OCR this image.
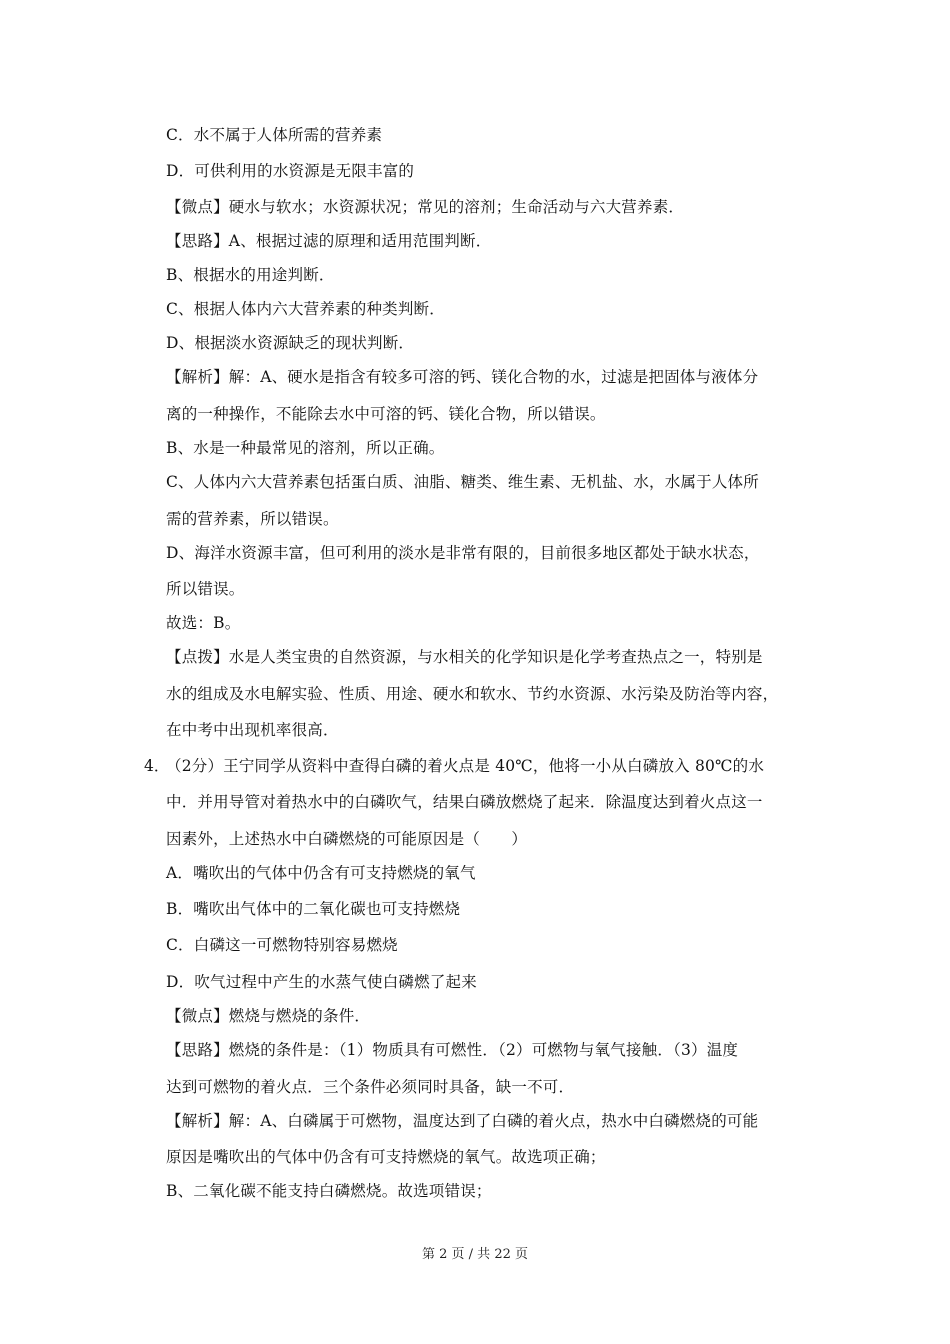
C．水不属于人体所需的营养素
D．可供利用的水资源是无限丰富的
【微点】硬水与软水；水资源状况；常见的溶剂；生命活动与六大营养素．
【思路】A、根据过滤的原理和适用范围判断．
B、根据水的用途判断．
C、根据人体内六大营养素的种类判断．
D、根据淡水资源缺乏的现状判断．
【解析】解：A、硬水是指含有较多可溶的钙、镁化合物的水，过滤是把固体与液体分
离的一种操作，不能除去水中可溶的钙、镁化合物，所以错误。
B、水是一种最常见的溶剂，所以正确。
C、人体内六大营养素包括蛋白质、油脂、糖类、维生素、无机盐、水，水属于人体所
需的营养素，所以错误。
D、海洋水资源丰富，但可利用的淡水是非常有限的，目前很多地区都处于缺水状态，
所以错误。
故选：B。
【点拨】水是人类宝贵的自然资源，与水相关的化学知识是化学考查热点之一，特别是
水的组成及水电解实验、性质、用途、硬水和软水、节约水资源、水污染及防治等内容，
在中考中出现机率很高．
4．
（2分）王宁同学从资料中查得白磷的着火点是 40℃，他将一小从白磷放入 80℃的水
中．并用导管对着热水中的白磷吹气，结果白磷放燃烧了起来．除温度达到着火点这一
因素外，上述热水中白磷燃烧的可能原因是（　　）
A．嘴吹出的气体中仍含有可支持燃烧的氧气
B．嘴吹出气体中的二氧化碳也可支持燃烧
C．白磷这一可燃物特别容易燃烧
D．吹气过程中产生的水蒸气使白磷燃了起来
【微点】燃烧与燃烧的条件．
【思路】燃烧的条件是：（1）物质具有可燃性．（2）可燃物与氧气接触．（3）温度
达到可燃物的着火点．三个条件必须同时具备，缺一不可．
【解析】解：A、白磷属于可燃物，温度达到了白磷的着火点，热水中白磷燃烧的可能
原因是嘴吹出的气体中仍含有可支持燃烧的氧气。故选项正确；
B、二氧化碳不能支持白磷燃烧。故选项错误；
第 2 页 / 共 22 页
